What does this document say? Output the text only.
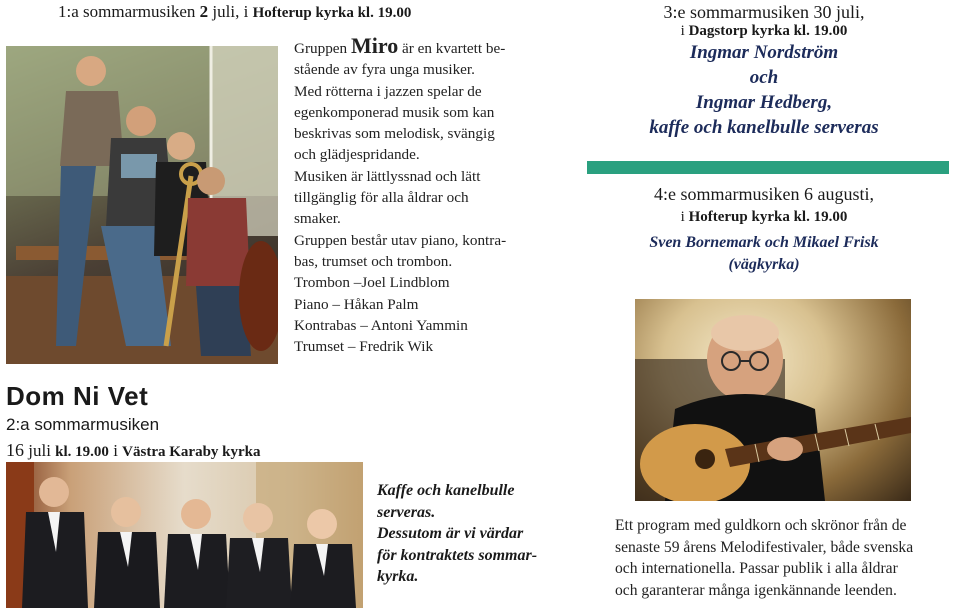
1:a sommarmusiken 2 juli, i Hofterup kyrka kl. 19.00

Gruppen Miro är en kvartett be-

stående av fyra unga musiker.

Med rötterna i jazzen spelar de

egenkomponerad musik som kan

beskrivas som melodisk, svängig

och glädjespridande.

Musiken är lättlyssnad och lätt

tillgänglig för alla åldrar och

smaker.

Gruppen består utav piano, kontra-

bas, trumset och trombon.

Trombon –Joel Lindblom

Piano – Håkan Palm

Kontrabas – Antoni Yammin

Trumset – Fredrik Wik

Dom Ni Vet
2:a sommarmusiken
16 juli kl. 19.00 i Västra Karaby kyrka

Kaffe och kanelbulle

serveras.

Dessutom är vi värdar

för kontraktets sommar-

kyrka.

3:e sommarmusiken 30 juli,

i Dagstorp kyrka kl. 19.00

Ingmar Nordström

och

Ingmar Hedberg,

kaffe och kanelbulle serveras

4:e sommarmusiken 6 augusti,

i Hofterup kyrka kl. 19.00

Sven Bornemark och Mikael Frisk

(vägkyrka)

Ett program med guldkorn och skrönor från de

senaste 59 årens Melodifestivaler, både svenska

och internationella. Passar publik i alla åldrar

och garanterar många igenkännande leenden.
